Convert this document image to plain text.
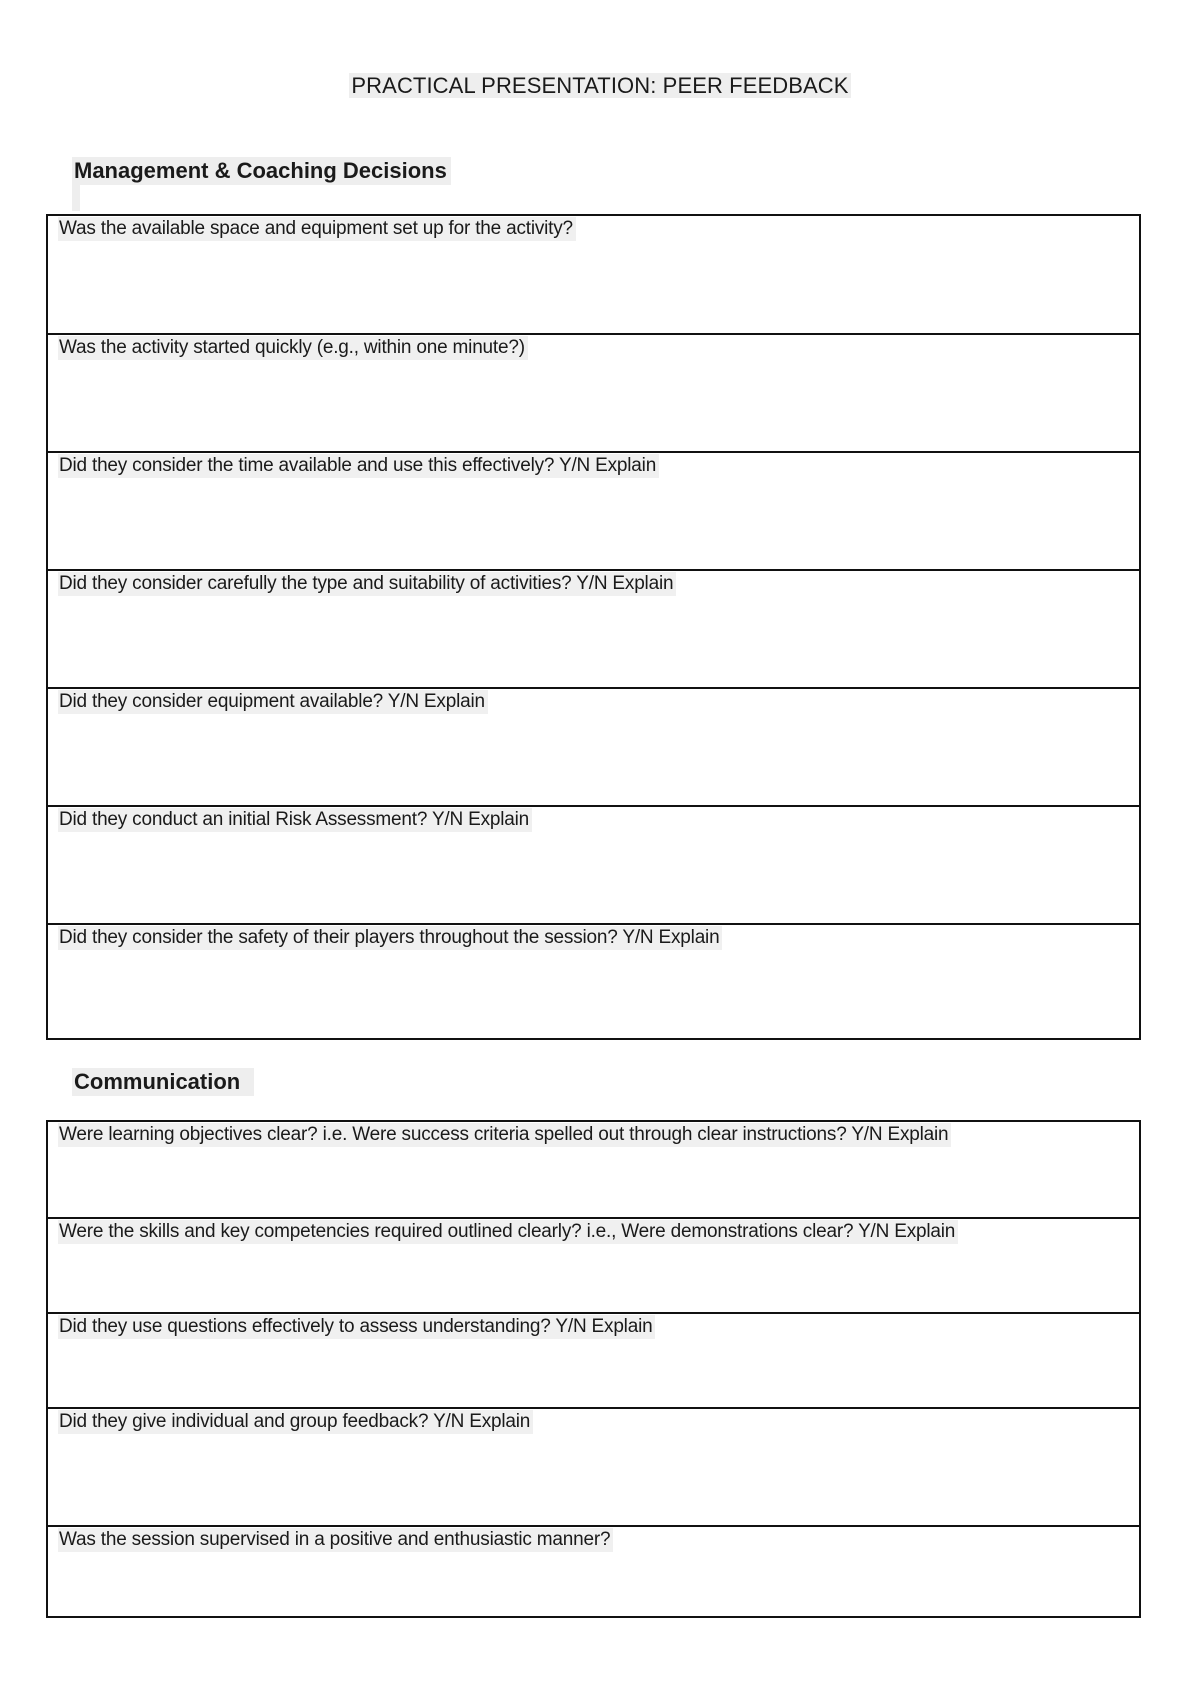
PRACTICAL PRESENTATION: PEER FEEDBACK
Management & Coaching Decisions
Was the available space and equipment set up for the activity?
Was the activity started quickly (e.g., within one minute?)
Did they consider the time available and use this effectively? Y/N Explain
Did they consider carefully the type and suitability of activities? Y/N Explain
Did they consider equipment available? Y/N Explain
Did they conduct an initial Risk Assessment? Y/N Explain
Did they consider the safety of their players throughout the session? Y/N Explain
Communication
Were learning objectives clear? i.e. Were success criteria spelled out through clear instructions? Y/N Explain
Were the skills and key competencies required outlined clearly? i.e., Were demonstrations clear? Y/N Explain
Did they use questions effectively to assess understanding? Y/N Explain
Did they give individual and group feedback? Y/N Explain
Was the session supervised in a positive and enthusiastic manner?
